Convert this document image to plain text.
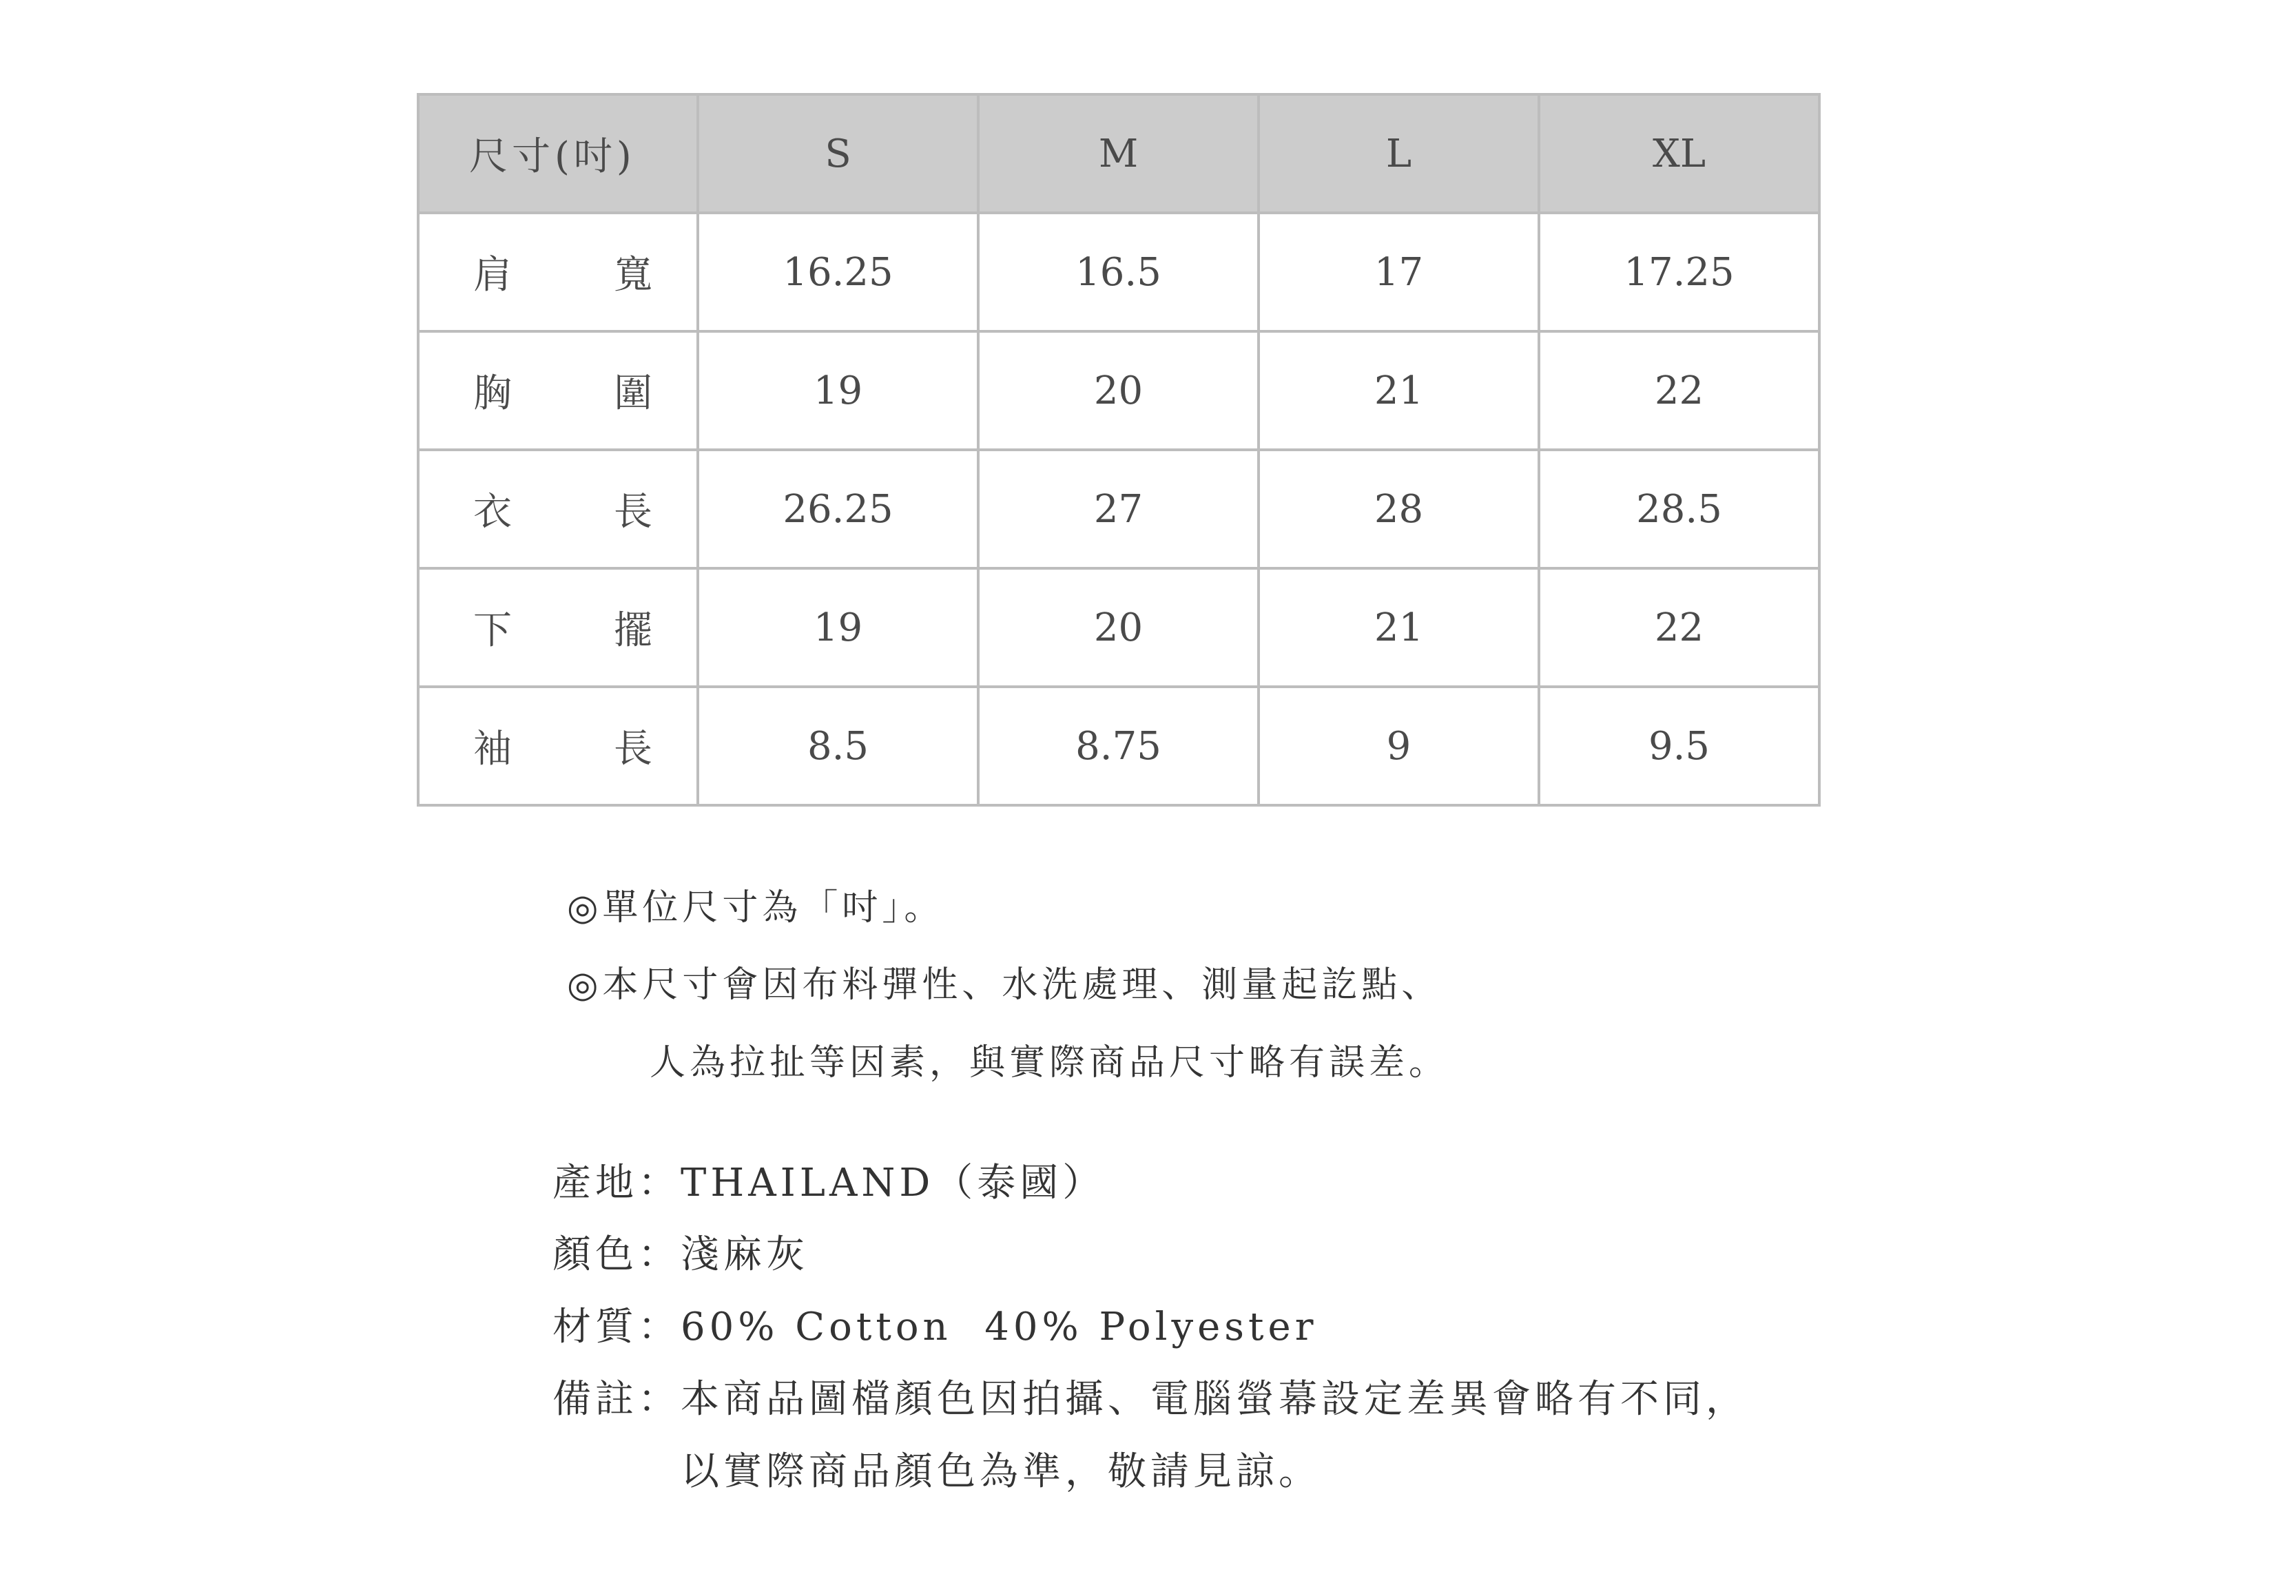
尺寸(吋)	S	M	L	XL

肩 寬	16.25	16.5	17	17.25

胸 圍	19	20	21	22

衣 長	26.25	27	28	28.5

下 擺	19	20	21	22

袖 長	8.5	8.75	9	9.5
◎單位尺寸為「吋」。
◎本尺寸會因布料彈性、水洗處理、測量起訖點、
人為拉扯等因素，與實際商品尺寸略有誤差。
產地： THAILAND（泰國）
顏色： 淺麻灰
材質： 60% Cotton  40% Polyester
備註： 本商品圖檔顏色因拍攝、電腦螢幕設定差異會略有不同，
以實際商品顏色為準，敬請見諒。
